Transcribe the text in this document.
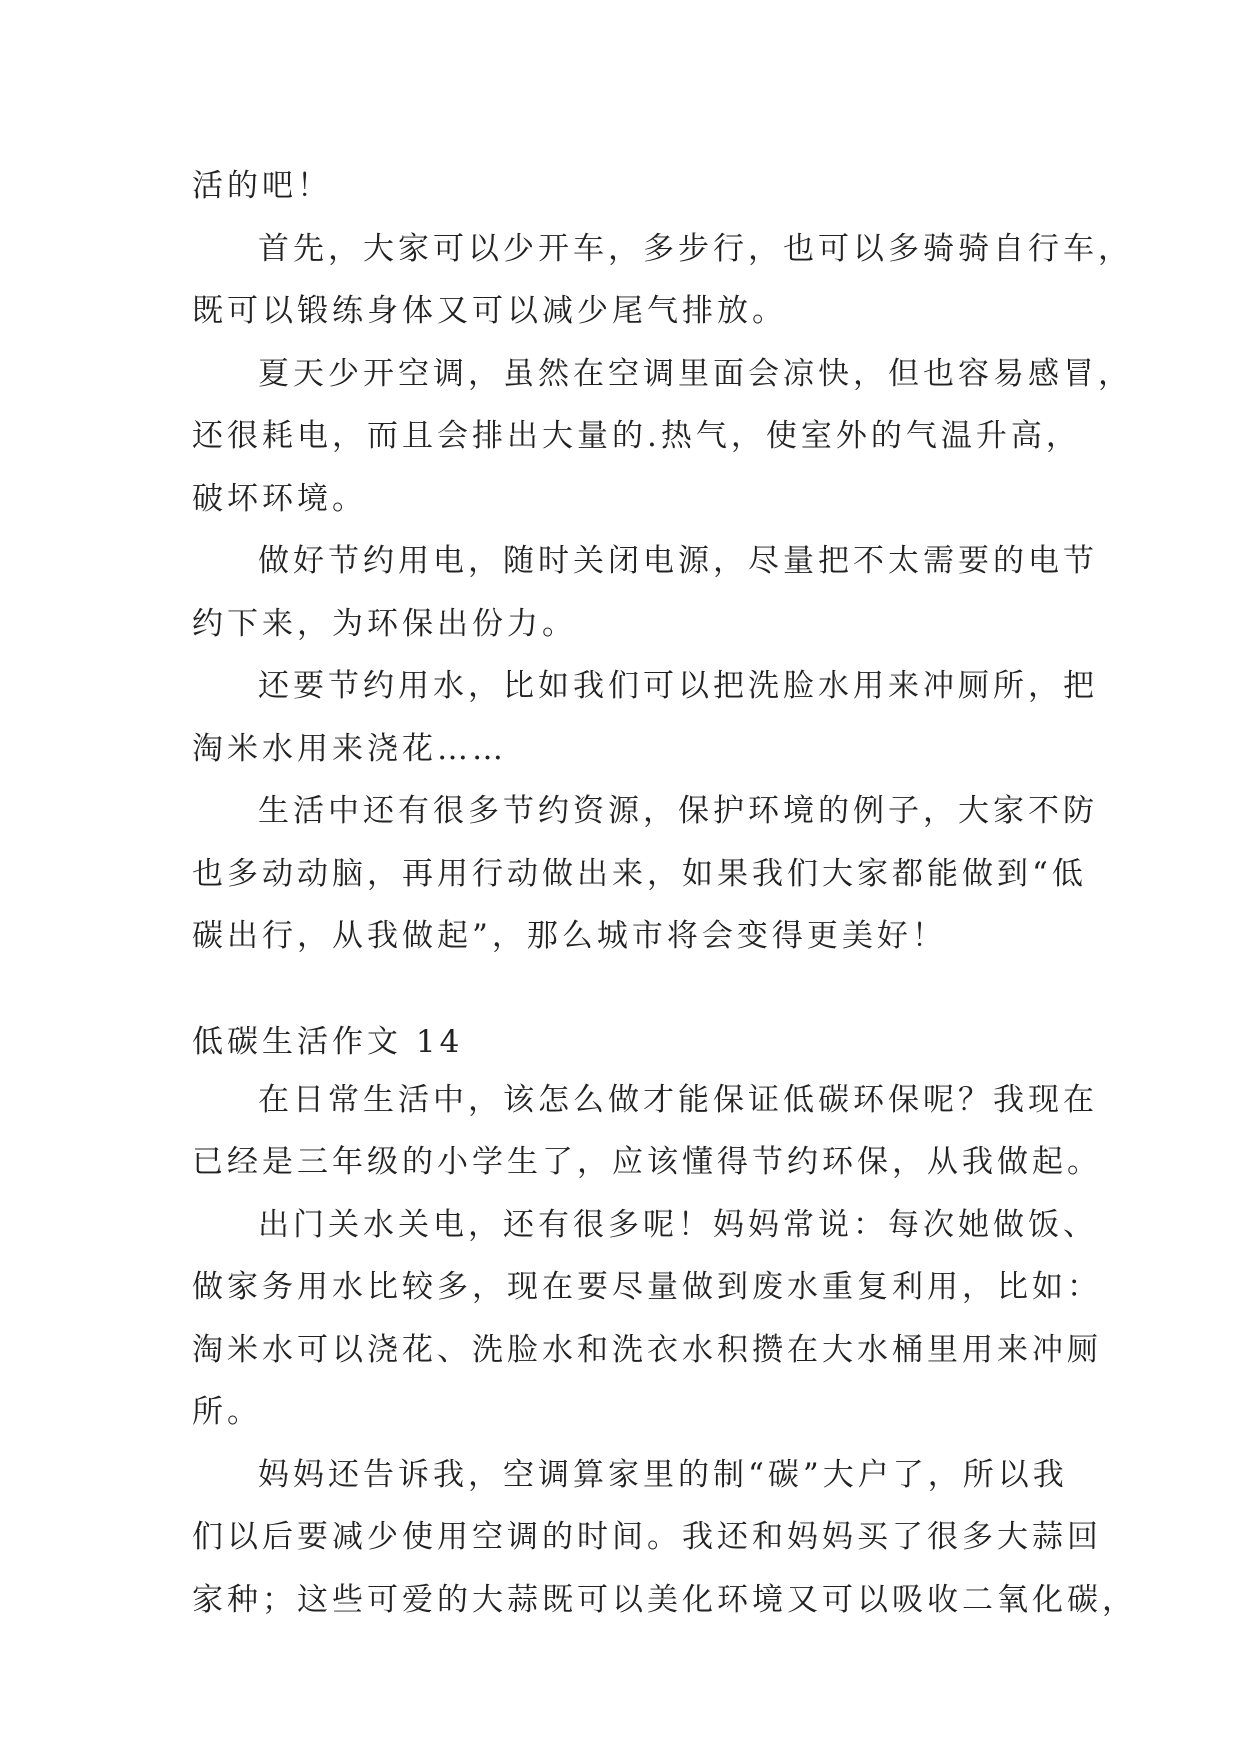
活的吧！
首先，大家可以少开车，多步行，也可以多骑骑自行车，
既可以锻练身体又可以减少尾气排放。
夏天少开空调，虽然在空调里面会凉快，但也容易感冒，
还很耗电，而且会排出大量的.热气，使室外的气温升高，
破坏环境。
做好节约用电，随时关闭电源，尽量把不太需要的电节
约下来，为环保出份力。
还要节约用水，比如我们可以把洗脸水用来冲厕所，把
淘米水用来浇花……
生活中还有很多节约资源，保护环境的例子，大家不防
也多动动脑，再用行动做出来，如果我们大家都能做到“低
碳出行，从我做起”，那么城市将会变得更美好！
低碳生活作文 14
在日常生活中，该怎么做才能保证低碳环保呢？我现在
已经是三年级的小学生了，应该懂得节约环保，从我做起。
出门关水关电，还有很多呢！妈妈常说：每次她做饭、
做家务用水比较多，现在要尽量做到废水重复利用，比如：
淘米水可以浇花、洗脸水和洗衣水积攒在大水桶里用来冲厕
所。
妈妈还告诉我，空调算家里的制“碳”大户了，所以我
们以后要减少使用空调的时间。我还和妈妈买了很多大蒜回
家种；这些可爱的大蒜既可以美化环境又可以吸收二氧化碳，
